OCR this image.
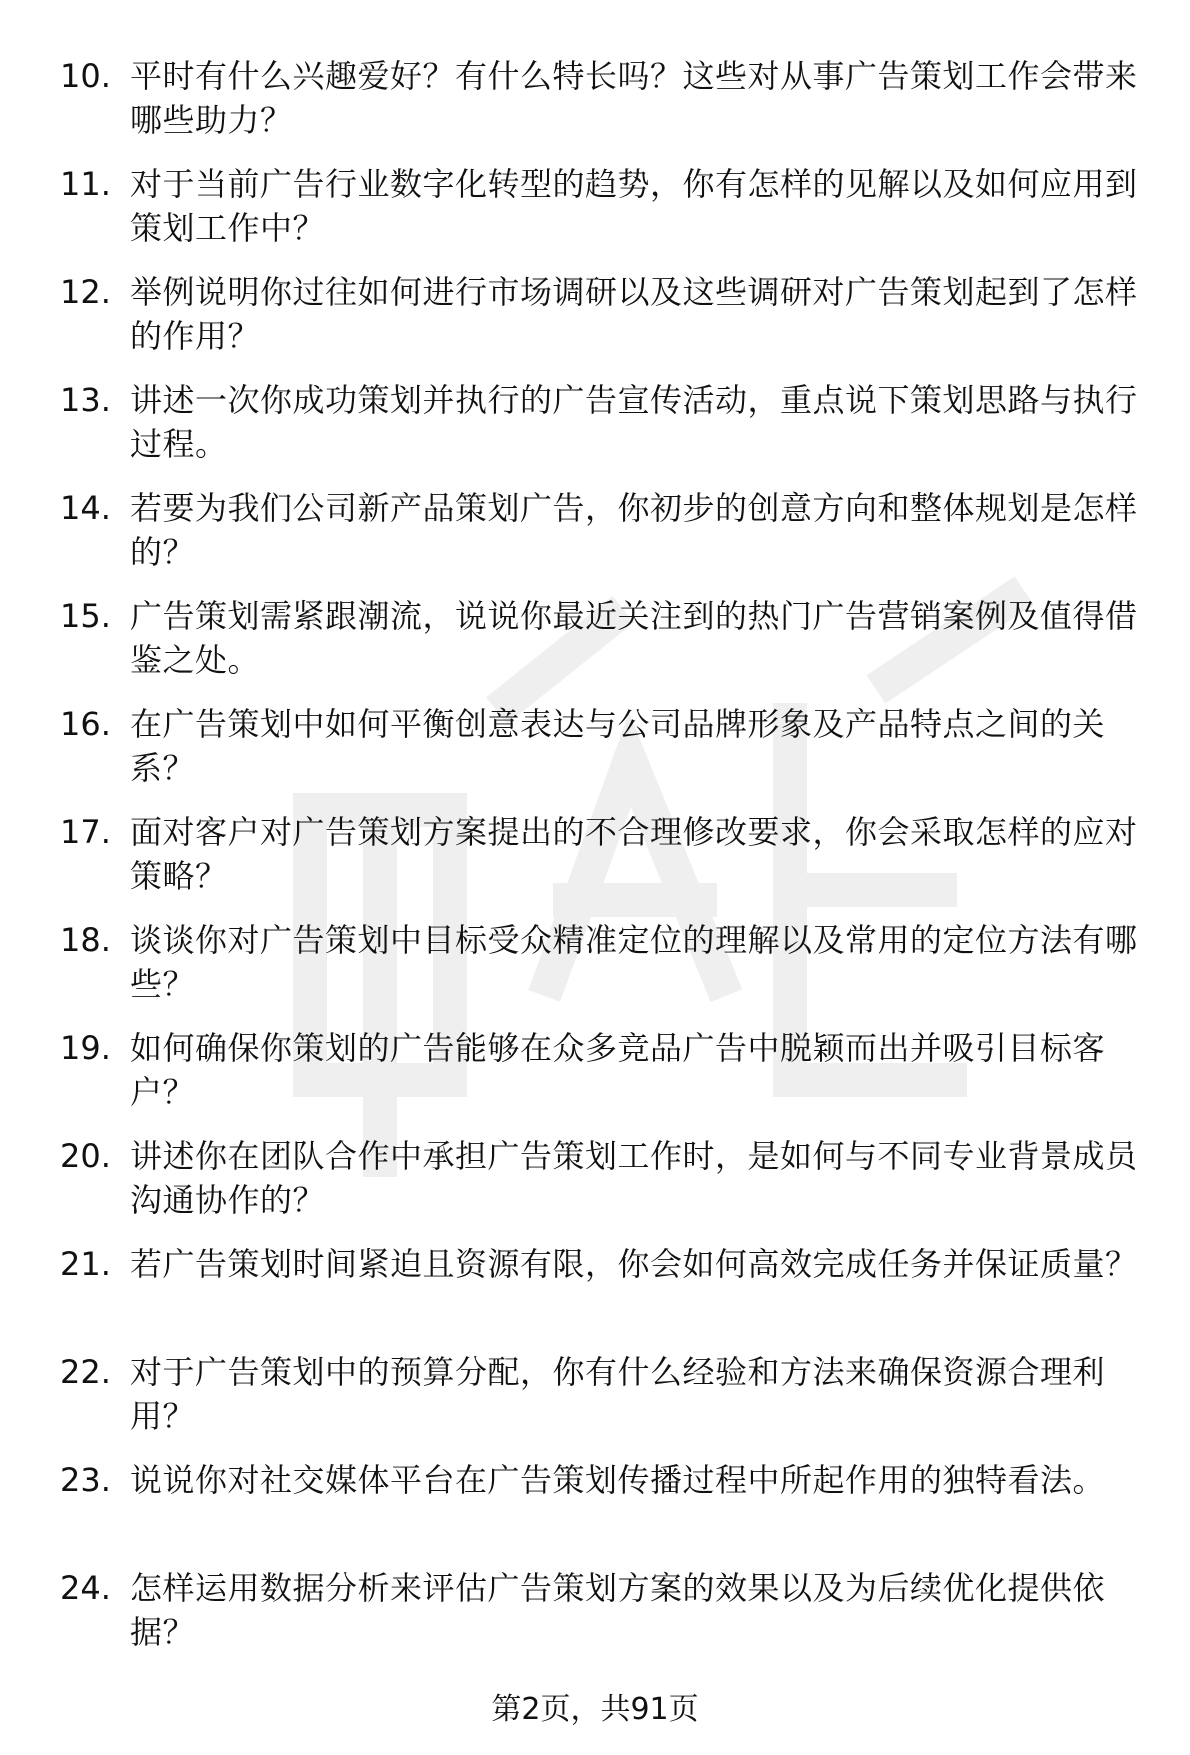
10. 平时有什么兴趣爱好？有什么特长吗？这些对从事广告策划工作会带来哪些助力？
11. 对于当前广告行业数字化转型的趋势，你有怎样的见解以及如何应用到策划工作中？
12. 举例说明你过往如何进行市场调研以及这些调研对广告策划起到了怎样的作用？
13. 讲述一次你成功策划并执行的广告宣传活动，重点说下策划思路与执行过程。
14. 若要为我们公司新产品策划广告，你初步的创意方向和整体规划是怎样的？
15. 广告策划需紧跟潮流，说说你最近关注到的热门广告营销案例及值得借鉴之处。
16. 在广告策划中如何平衡创意表达与公司品牌形象及产品特点之间的关系？
17. 面对客户对广告策划方案提出的不合理修改要求，你会采取怎样的应对策略？
18. 谈谈你对广告策划中目标受众精准定位的理解以及常用的定位方法有哪些？
19. 如何确保你策划的广告能够在众多竞品广告中脱颖而出并吸引目标客户？
20. 讲述你在团队合作中承担广告策划工作时，是如何与不同专业背景成员沟通协作的？
21. 若广告策划时间紧迫且资源有限，你会如何高效完成任务并保证质量？
22. 对于广告策划中的预算分配，你有什么经验和方法来确保资源合理利用？
23. 说说你对社交媒体平台在广告策划传播过程中所起作用的独特看法。
24. 怎样运用数据分析来评估广告策划方案的效果以及为后续优化提供依据？
第2页，共91页
